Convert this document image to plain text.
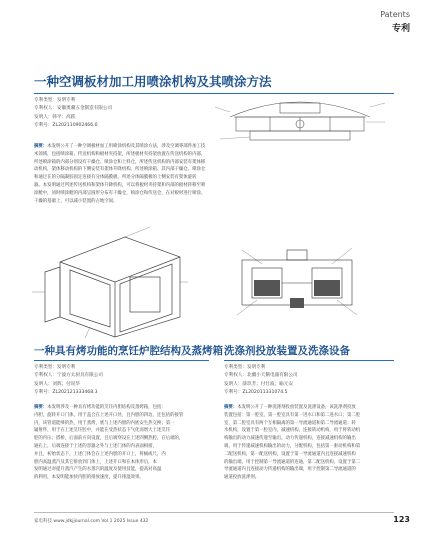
Patents
专利
一种空调板材加工用喷涂机构及其喷涂方法
专利类型：发明专利
专利权人：安徽奥骥五金制造有限公司
发明人：韩平；高跃
专利号：ZL202110902466.0
摘要：本发明公开了一种空调板材加工用喷涂机构及其喷涂方法，涉及空调零部件加工技
术领域，包括喷涂箱、传送机构和板材夹持架，所述板材夹持架放置在传送机构的内部，
所述喷涂箱的内部分别设有干燥仓、喷涂仓和上料仓，所述传送机构的内部安装有架体移
动机构，架体移动机构的下侧安装有架体升降机构。所述喷涂箱、其内部干燥仓、喷涂仓
和通过在的分隔凝胶固定连接有分体隔膜板，所述分体隔膜板的上侧安装有架体旋转
器。本发明通过所述传送机构和架体升降机构，可以将板材夹持架和内部的板材转移至喷
涂舱中，同时喷涂舱的内部呈圆形分布有干燥仓，喷涂仓和传送仓，在对板材进行喷涂、
干燥的基础上，可以减小装置的占地空间。
一种具有烤功能的烹饪炉腔结构及蒸烤箱
专利类型：发明专利
专利权人：宁波方太厨具有限公司
发明人：刘辉；付说华
专利号：ZL202121333468.3
摘要：本发明涉及一种具有烤功能的烹饪内胆结构及蒸烤箱，包括：
内胆，旋转开口门体，用于盖合在上述开口处，且内胆的四边，还包括的接管
内，该管道能够的热，用于蒸烤，底与上述内胆的内底安生热交换；第一
辐射件，用于在上述烹饪腔中，并能在受热状态下气化而增大上述烹饪
腔的内压；搭桥，后面前方向设置，且后端穿设在上述四侧热腔，在后端的，
通孔上，后端连接于上述的容器之外与上述门体的内表面相接，
并且，初始状态下，上述门体会在上述内胆的开口上，将桶或尺，内
胆内高温蒸汽及其它排放到门体上，上述开口和在本体形后，本
发明通过对提升蒸汽产生的水蒸汽的温度及使用技能，提高对高温
的利用，本发明能加快内胆的排放速度，提升排湿效果。
洗涤剂投放装置及洗涤设备
专利类型：发明专利
专利权人：北疆小天鹅电器有限公司
发明人：薛玖芳；付仕波；喻元安
专利号：ZL202011331074.5
摘要：本发明公开了一种洗涤剂投放装置及洗涤设备，该洗涤剂投放
装置包括：第一腔室，第一腔室具有第一进水口和第二进水口；第二腔
室，第二腔室具有两个互相隔离的第一导流通道和第二导流通道；转
水机构，设置于第一腔室内，减速机构，连接转动机构，用于将转动机
构输出的动力减速传递至输出。动力传递机构，连接减速机构的输出
端，用于传递减速机构输出的动力，分配机构，包括第一驱动机构和第
二配送机构，第一配送机构，设置于第一导流通道内且连接减速机构
的输出端，用于控制第一导流通道的连通，第二配送机构，设置于第二
导流通道内且连接动力传递机构的输出端，用于控制第二导流通道的
通道投放洗涤剂。
家电科技 www.jdkjjournal.com Vol.1 2025 Issue 432	123
